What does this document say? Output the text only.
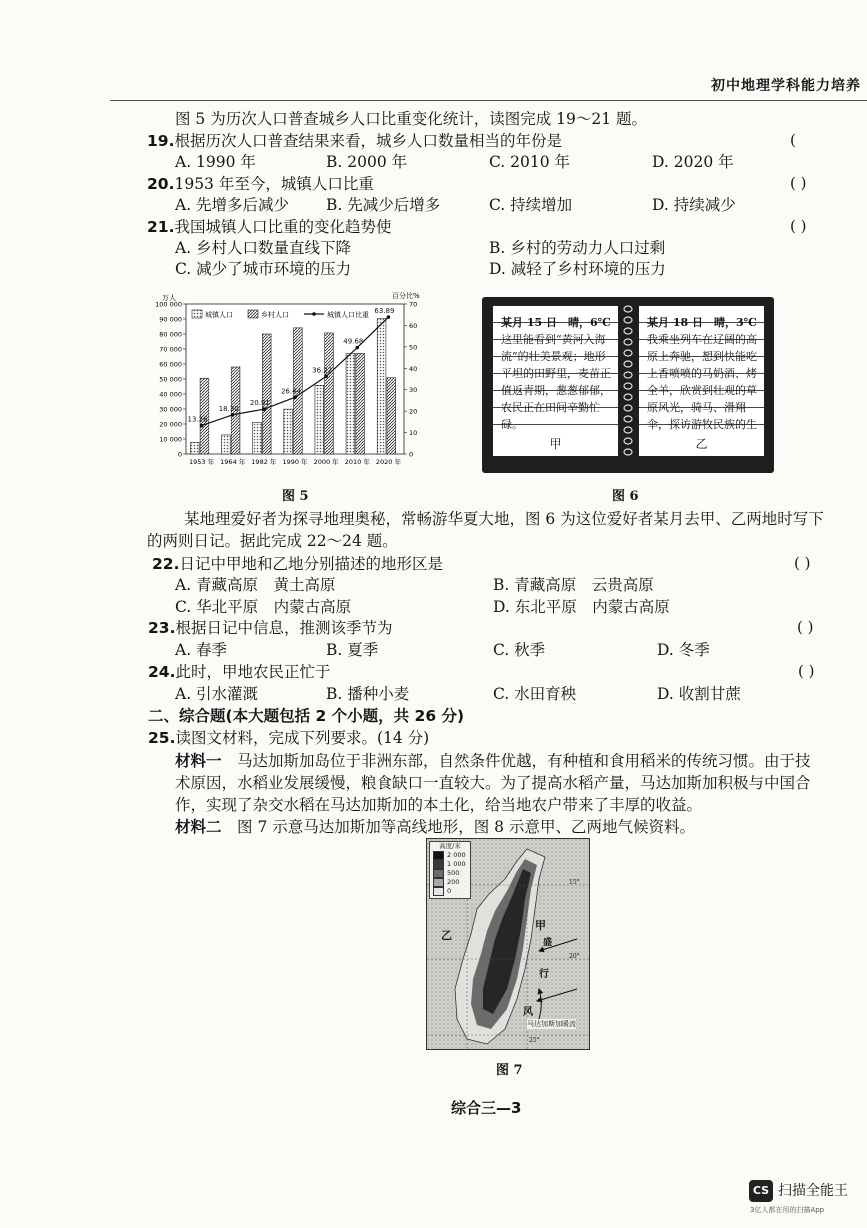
初中地理学科能力培养
图 5 为历次人口普查城乡人口比重变化统计，读图完成 19～21 题。
19.根据历次人口普查结果来看，城乡人口数量相当的年份是	(
A. 1990 年	B. 2000 年	C. 2010 年	D. 2020 年
20.1953 年至今，城镇人口比重	( )
A. 先增多后减少 B. 先减少后增多	C. 持续增加	D. 持续减少
21.我国城镇人口比重的变化趋势使	( )
A. 乡村人口数量直线下降	B. 乡村的劳动力人口过剩
C. 减少了城市环境的压力	D. 减轻了乡村环境的压力
0
10 000
20 000
30 000
40 000
50 000
60 000
70 000
80 000
90 000
100 000
0
10
20
30
40
50
60
70
万人	百分比%
1953 年 1964 年 1982 年 1990 年 2000 年 2010 年 2020 年
13.26
18.30
20.91
26.44
36.22
49.68
63.89
城镇人口	乡村人口	城镇人口比重
图 5
某月 15 日　晴，6℃
这里能看到“黄河入海流”的壮美景观；地形平坦的田野里，麦苗正值返青期，葱葱郁郁，农民正在田间辛勤忙碌。
甲
某月 18 日　晴，3℃
我乘坐列车在辽阔的高原上奔驰，想到快能吃上香喷喷的马奶酒、烤全羊，欣赏到壮观的草原风光，骑马、滑翔伞，探访游牧民族的生
乙
图 6
某地理爱好者为探寻地理奥秘，常畅游华夏大地，图 6 为这位爱好者某月去甲、乙两地时写下
的两则日记。据此完成 22～24 题。
22.日记中甲地和乙地分别描述的地形区是	( )
A. 青藏高原　黄土高原	B. 青藏高原　云贵高原
C. 华北平原　内蒙古高原	D. 东北平原　内蒙古高原
23.根据日记中信息，推测该季节为	( )
A. 春季	B. 夏季	C. 秋季	D. 冬季
24.此时，甲地农民正忙于	( )
A. 引水灌溉	B. 播种小麦	C. 水田育秧	D. 收割甘蔗
二、综合题(本大题包括 2 个小题，共 26 分)
25.读图文材料，完成下列要求。(14 分)
材料一　 马达加斯加岛位于非洲东部，自然条件优越，有种植和食用稻米的传统习惯。由于技
术原因，水稻业发展缓慢，粮食缺口一直较大。为了提高水稻产量，马达加斯加积极与中国合
作，实现了杂交水稻在马达加斯加的本土化，给当地农户带来了丰厚的收益。
材料二　 图 7 示意马达加斯加等高线地形，图 8 示意甲、乙两地气候资料。
高度/米
2 000
1 000
500
200
0
甲
乙
盛
行
风
马达加斯加暖流
15°
20°
25°
图 7
综合三—3
CS 扫描全能王
3亿人都在用的扫描App
